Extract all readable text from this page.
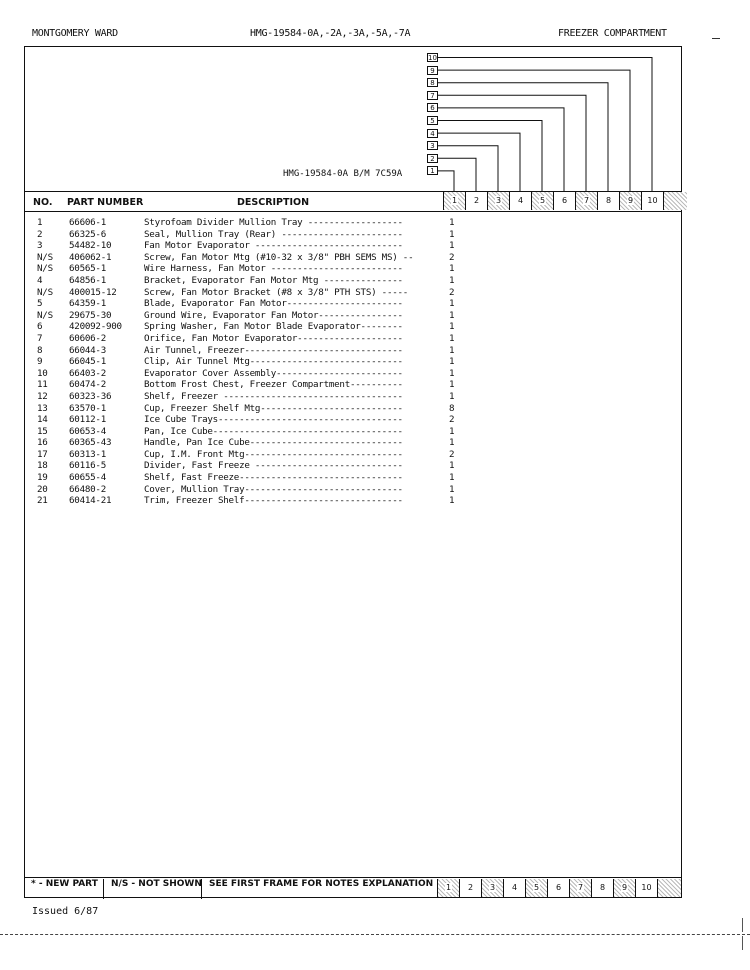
MONTGOMERY WARD	HMG-19584-0A,-2A,-3A,-5A,-7A	FREEZER COMPARTMENT
HMG-19584-0A B/M 7C59A
10
9
8
7
6
5
4
3
2
1
NO. PART NUMBER	DESCRIPTION	1	2	3	4	5	6	7	8	9	10
1	66606-1	Styrofoam Divider Mullion Tray ------------------	1
2	66325-6	Seal, Mullion Tray (Rear) -----------------------	1
3	54482-10	Fan Motor Evaporator ----------------------------	1
N/S 406062-1	Screw, Fan Motor Mtg (#10-32 x 3/8" PBH SEMS MS) --	2
N/S 60565-1	Wire Harness, Fan Motor -------------------------	1
4	64856-1	Bracket, Evaporator Fan Motor Mtg ---------------	1
N/S 400015-12	Screw, Fan Motor Bracket (#8 x 3/8" PTH STS) -----	2
5	64359-1	Blade, Evaporator Fan Motor----------------------	1
N/S 29675-30	Ground Wire, Evaporator Fan Motor----------------	1
6	420092-900 Spring Washer, Fan Motor Blade Evaporator--------	1
7	60606-2	Orifice, Fan Motor Evaporator--------------------	1
8	66044-3	Air Tunnel, Freezer------------------------------	1
9	66045-1	Clip, Air Tunnel Mtg-----------------------------	1
10 66403-2	Evaporator Cover Assembly------------------------	1
11 60474-2	Bottom Frost Chest, Freezer Compartment----------	1
12 60323-36	Shelf, Freezer ----------------------------------	1
13 63570-1	Cup, Freezer Shelf Mtg---------------------------	8
14 60112-1	Ice Cube Trays-----------------------------------	2
15 60653-4	Pan, Ice Cube------------------------------------	1
16 60365-43	Handle, Pan Ice Cube-----------------------------	1
17 60313-1	Cup, I.M. Front Mtg------------------------------	2
18 60116-5	Divider, Fast Freeze ----------------------------	1
19 60655-4	Shelf, Fast Freeze-------------------------------	1
20 66480-2	Cover, Mullion Tray------------------------------	1
21 60414-21	Trim, Freezer Shelf------------------------------	1
* - NEW PART N/S - NOT SHOWN SEE FIRST FRAME FOR NOTES EXPLANATION	1	2	3	4	5	6	7	8	9	10
Issued 6/87
